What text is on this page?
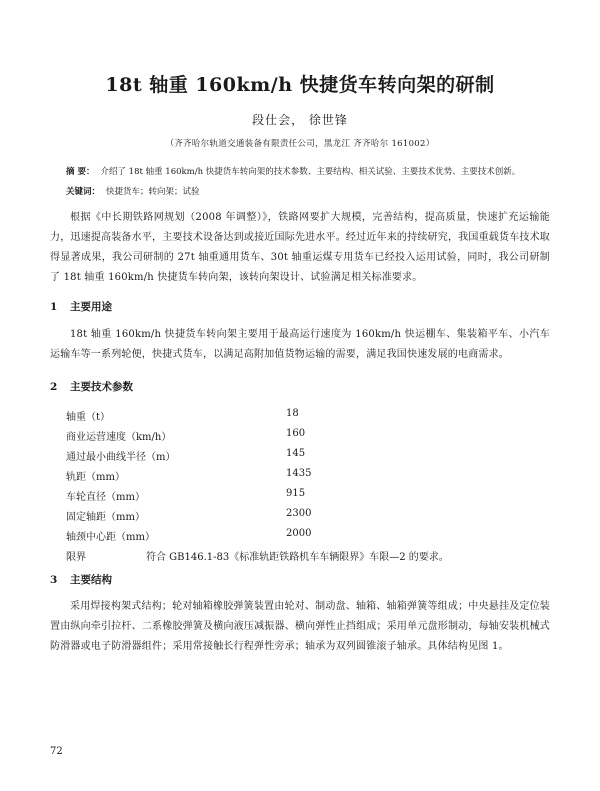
18t 轴重 160km/h 快捷货车转向架的研制
段仕会， 徐世锋
（齐齐哈尔轨道交通装备有限责任公司，黑龙江 齐齐哈尔 161002）
摘 要： 介绍了 18t 轴重 160km/h 快捷货车转向架的技术参数、主要结构、相关试验、主要技术优势、主要技术创新。
关键词： 快捷货车；转向架；试验
根据《中长期铁路网规划（2008 年调整）》，铁路网要扩大规模，完善结构，提高质量，快速扩充运输能力，迅速提高装备水平，主要技术设备达到或接近国际先进水平。经过近年来的持续研究，我国重载货车技术取得显著成果，我公司研制的 27t 轴重通用货车、30t 轴重运煤专用货车已经投入运用试验，同时，我公司研制了 18t 轴重 160km/h 快捷货车转向架，该转向架设计、试验满足相关标准要求。
1 主要用途
18t 轴重 160km/h 快捷货车转向架主要用于最高运行速度为 160km/h 快运棚车、集装箱平车、小汽车运输车等一系列轮便，快捷式货车，以满足高附加值货物运输的需要，满足我国快速发展的电商需求。
2 主要技术参数
轴重（t）	18
商业运营速度（km/h）	160
通过最小曲线半径（m）	145
轨距（mm）	1435
车轮直径（mm）	915
固定轴距（mm）	2300
轴颈中心距（mm）	2000
限界	符合 GB146.1-83《标准轨距铁路机车车辆限界》车限—2 的要求。
3 主要结构
采用焊接构架式结构；轮对轴箱橡胶弹簧装置由轮对、制动盘、轴箱、轴箱弹簧等组成；中央悬挂及定位装置由纵向牵引拉杆、二系橡胶弹簧及横向液压减振器、横向弹性止挡组成；采用单元盘形制动，每轴安装机械式防滑器或电子防滑器组件；采用常接触长行程弹性旁承；轴承为双列圆锥滚子轴承。具体结构见图 1。
72
